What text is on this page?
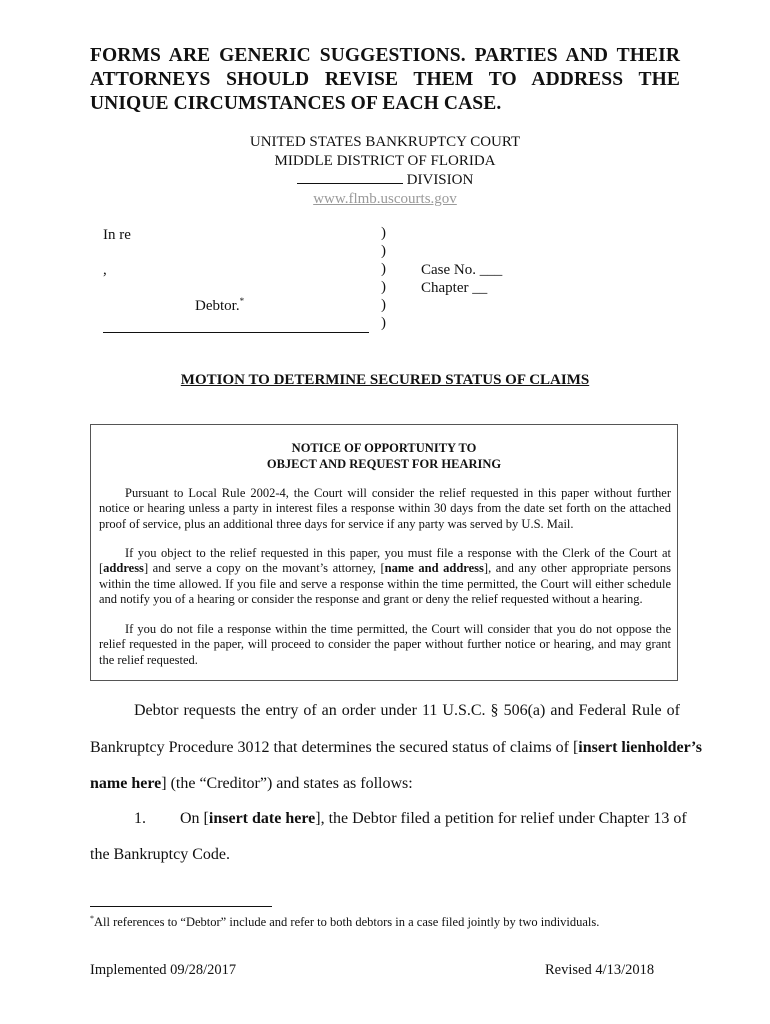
FORMS ARE GENERIC SUGGESTIONS. PARTIES AND THEIR ATTORNEYS SHOULD REVISE THEM TO ADDRESS THE UNIQUE CIRCUMSTANCES OF EACH CASE.
UNITED STATES BANKRUPTCY COURT
MIDDLE DISTRICT OF FLORIDA
DIVISION
www.flmb.uscourts.gov
In re
,
Debtor.*
)
)
)
)
)
)
Case No. ___
Chapter __
MOTION TO DETERMINE SECURED STATUS OF CLAIMS
NOTICE OF OPPORTUNITY TO
OBJECT AND REQUEST FOR HEARING

Pursuant to Local Rule 2002-4, the Court will consider the relief requested in this paper without further notice or hearing unless a party in interest files a response within 30 days from the date set forth on the attached proof of service, plus an additional three days for service if any party was served by U.S. Mail.

If you object to the relief requested in this paper, you must file a response with the Clerk of the Court at [address] and serve a copy on the movant’s attorney, [name and address], and any other appropriate persons within the time allowed. If you file and serve a response within the time permitted, the Court will either schedule and notify you of a hearing or consider the response and grant or deny the relief requested without a hearing.

If you do not file a response within the time permitted, the Court will consider that you do not oppose the relief requested in the paper, will proceed to consider the paper without further notice or hearing, and may grant the relief requested.

Debtor requests the entry of an order under 11 U.S.C. § 506(a) and Federal Rule of
Bankruptcy Procedure 3012 that determines the secured status of claims of [insert lienholder’s
name here] (the “Creditor”) and states as follows:
1. On [insert date here], the Debtor filed a petition for relief under Chapter 13 of
the Bankruptcy Code.
*All references to “Debtor” include and refer to both debtors in a case filed jointly by two individuals.
Implemented 09/28/2017	Revised 4/13/2018
